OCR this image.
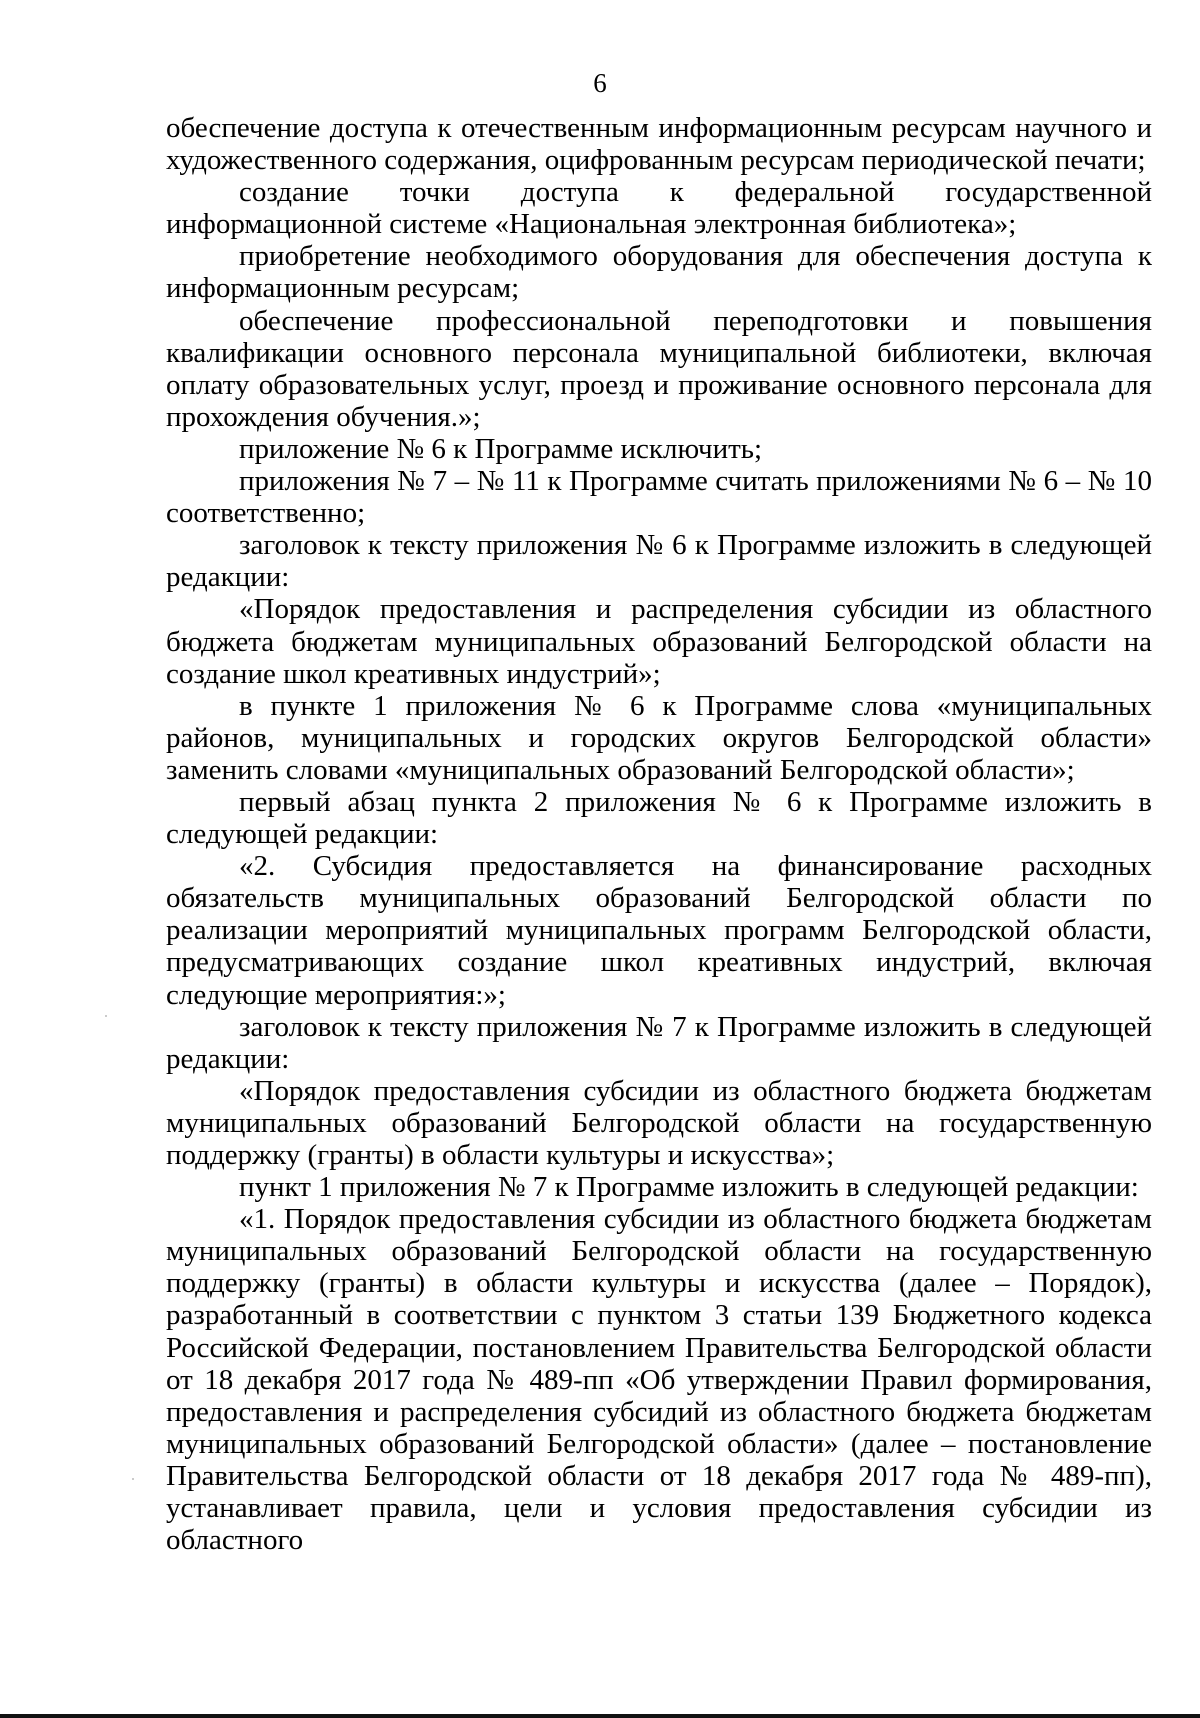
6

обеспечение доступа к отечественным информационным ресурсам научного и художественного содержания, оцифрованным ресурсам периодической печати;

создание точки доступа к федеральной государственной информационной системе «Национальная электронная библиотека»;

приобретение необходимого оборудования для обеспечения доступа к информационным ресурсам;

обеспечение профессиональной переподготовки и повышения квалификации основного персонала муниципальной библиотеки, включая оплату образовательных услуг, проезд и проживание основного персонала для прохождения обучения.»;

приложение № 6 к Программе исключить;

приложения № 7 – № 11 к Программе считать приложениями № 6 – № 10 соответственно;

заголовок к тексту приложения № 6 к Программе изложить в следующей редакции:

«Порядок предоставления и распределения субсидии из областного бюджета бюджетам муниципальных образований Белгородской области на создание школ креативных индустрий»;

в пункте 1 приложения № 6 к Программе слова «муниципальных районов, муниципальных и городских округов Белгородской области» заменить словами «муниципальных образований Белгородской области»;

первый абзац пункта 2 приложения № 6 к Программе изложить в следующей редакции:

«2. Субсидия предоставляется на финансирование расходных обязательств муниципальных образований Белгородской области по реализации мероприятий муниципальных программ Белгородской области, предусматривающих создание школ креативных индустрий, включая следующие мероприятия:»;

заголовок к тексту приложения № 7 к Программе изложить в следующей редакции:

«Порядок предоставления субсидии из областного бюджета бюджетам муниципальных образований Белгородской области на государственную поддержку (гранты) в области культуры и искусства»;

пункт 1 приложения № 7 к Программе изложить в следующей редакции:

«1. Порядок предоставления субсидии из областного бюджета бюджетам муниципальных образований Белгородской области на государственную поддержку (гранты) в области культуры и искусства (далее – Порядок), разработанный в соответствии с пунктом 3 статьи 139 Бюджетного кодекса Российской Федерации, постановлением Правительства Белгородской области от 18 декабря 2017 года № 489-пп «Об утверждении Правил формирования, предоставления и распределения субсидий из областного бюджета бюджетам муниципальных образований Белгородской области» (далее – постановление Правительства Белгородской области от 18 декабря 2017 года № 489-пп), устанавливает правила, цели и условия предоставления субсидии из областного
